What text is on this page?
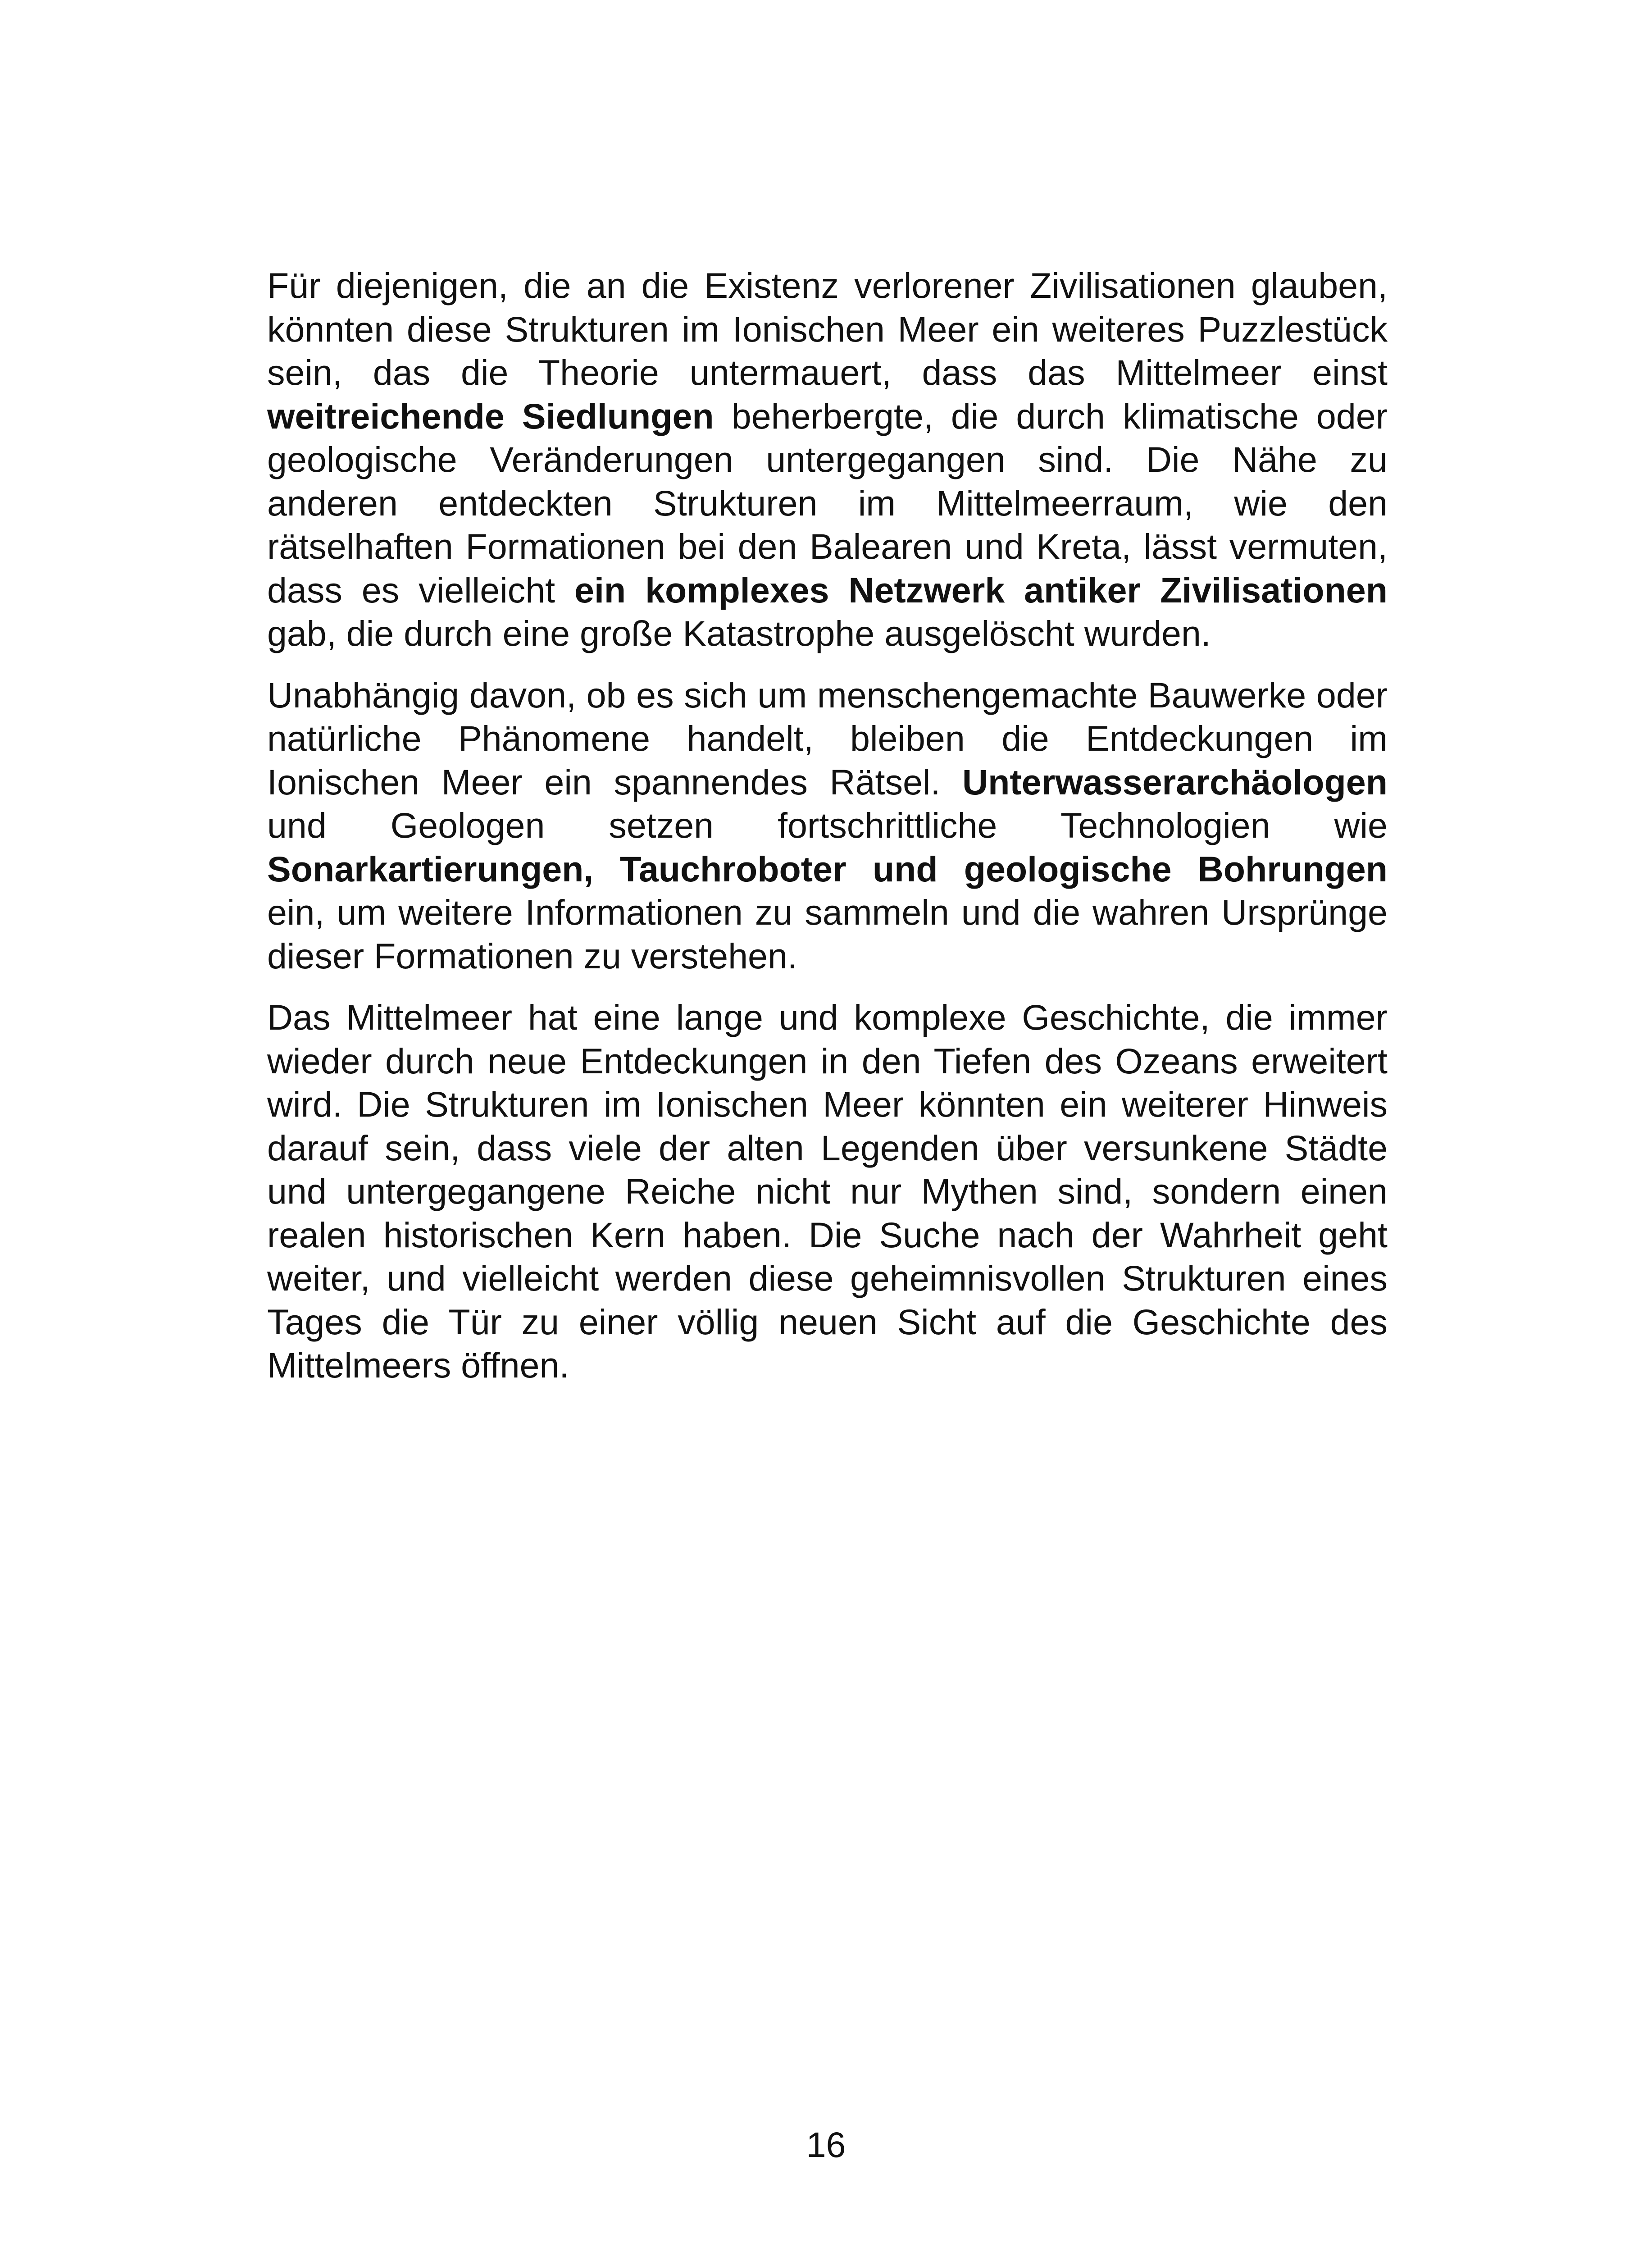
Für diejenigen, die an die Existenz verlorener Zivilisationen glauben, könnten diese Strukturen im Ionischen Meer ein weiteres Puzzlestück sein, das die Theorie untermauert, dass das Mittelmeer einst weitreichende Siedlungen beherbergte, die durch klimatische oder geologische Veränderungen untergegangen sind. Die Nähe zu anderen entdeckten Strukturen im Mittelmeerraum, wie den rätselhaften Formationen bei den Balearen und Kreta, lässt vermuten, dass es vielleicht ein komplexes Netzwerk antiker Zivilisationen gab, die durch eine große Katastrophe ausgelöscht wurden.

Unabhängig davon, ob es sich um menschengemachte Bauwerke oder natürliche Phänomene handelt, bleiben die Entdeckungen im Ionischen Meer ein spannendes Rätsel. Unterwasserarchäologen und Geologen setzen fortschrittliche Technologien wie Sonarkartierungen, Tauchroboter und geologische Bohrungen ein, um weitere Informationen zu sammeln und die wahren Ursprünge dieser Formationen zu verstehen.

Das Mittelmeer hat eine lange und komplexe Geschichte, die immer wieder durch neue Entdeckungen in den Tiefen des Ozeans erweitert wird. Die Strukturen im Ionischen Meer könnten ein weiterer Hinweis darauf sein, dass viele der alten Legenden über versunkene Städte und untergegangene Reiche nicht nur Mythen sind, sondern einen realen historischen Kern haben. Die Suche nach der Wahrheit geht weiter, und vielleicht werden diese geheimnisvollen Strukturen eines Tages die Tür zu einer völlig neuen Sicht auf die Geschichte des Mittelmeers öffnen.

16
